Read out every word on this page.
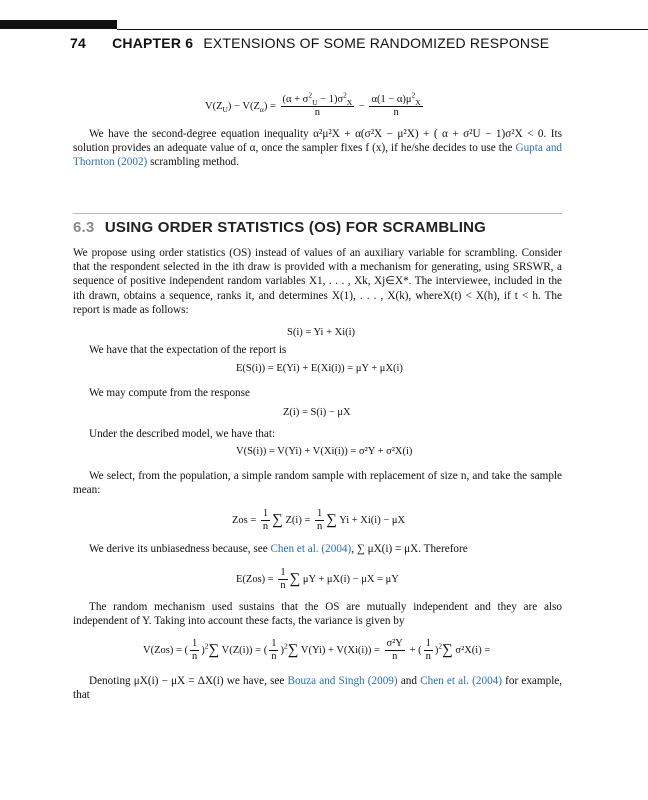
74 CHAPTER 6 EXTENSIONS OF SOME RANDOMIZED RESPONSE
$V(Z_U) - V(Z_\alpha) = \frac{(\alpha + \sigma^2_U - 1)\sigma^2_X}{n} - \frac{\alpha(1 - \alpha)\mu^2_X}{n}$
We have the second-degree equation inequality α²μ²X + α(σ²X − μ²X) + ( α + σ²U − 1)σ²X < 0. Its solution provides an adequate value of α, once the sampler fixes f (x), if he/she decides to use the Gupta and Thornton (2002) scrambling method.
6.3 USING ORDER STATISTICS (OS) FOR SCRAMBLING
We propose using order statistics (OS) instead of values of an auxiliary variable for scrambling. Consider that the respondent selected in the ith draw is provided with a mechanism for generating, using SRSWR, a sequence of positive independent random variables X1, . . . , Xk, Xj∈X*. The interviewee, included in the ith drawn, obtains a sequence, ranks it, and determines X(1), . . . , X(k), whereX(t) < X(h), if t < h. The report is made as follows:
S(i) = Yi + Xi(i)
We have that the expectation of the report is
E(S(i)) = E(Yi) + E(Xi(i)) = μY + μX(i)
We may compute from the response
Z(i) = S(i) − μX
Under the described model, we have that:
V(S(i)) = V(Yi) + V(Xi(i)) = σ²Y + σ²X(i)
We select, from the population, a simple random sample with replacement of size n, and take the sample mean:
Zos = $\frac{1}{n}$ ∑ $Z(i) = \frac{1}{n}$ ∑ Yi + Xi(i) − μX
We derive its unbiasedness because, see Chen et al. (2004), ∑ μX(i) = μX. Therefore
$E(Zos) = \frac{1}{n}$ ∑ μY + μX(i) − μX = μY
The random mechanism used sustains that the OS are mutually independent and they are also independent of Y. Taking into account these facts, the variance is given by
V(Zos) = ( $\frac{1}{n} )^2\sum$ V(Z(i)) = ( $\frac{1}{n} )^2\sum$ $V(Yi) + V(Xi(i)) = \frac{\text{σ²Y}}{n}$ + ( $\frac{1}{n} )^2\sum$ σ²X(i) =
Denoting μX(i) − μX = ΔX(i) we have, see Bouza and Singh (2009) and Chen et al. (2004) for example, that
